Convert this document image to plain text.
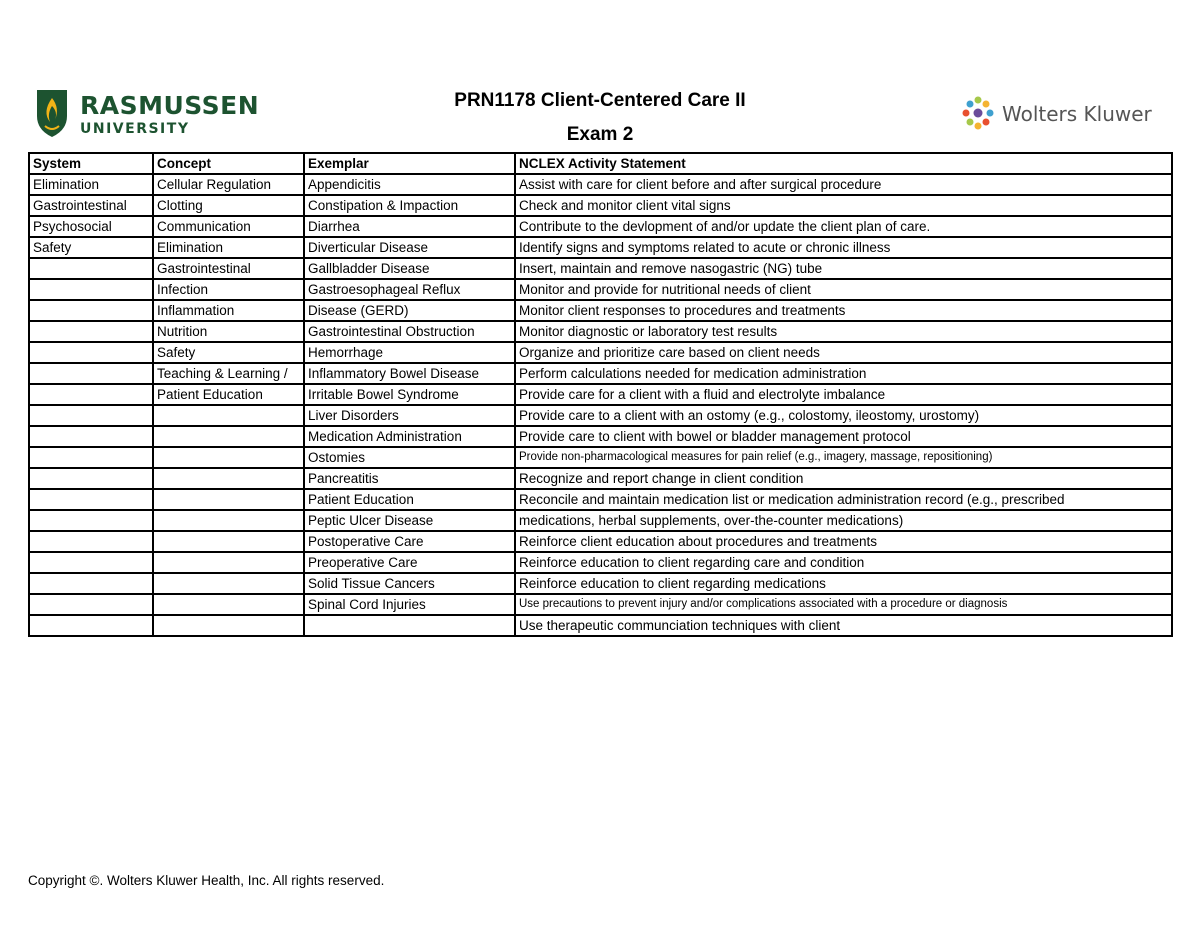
RASMUSSEN
UNIVERSITY
PRN1178 Client-Centered Care II
Exam 2
Wolters Kluwer
System	Concept	Exemplar	NCLEX Activity Statement
Elimination	Cellular Regulation	Appendicitis	Assist with care for client before and after surgical procedure
Gastrointestinal	Clotting	Constipation & Impaction	Check and monitor client vital signs
Psychosocial	Communication	Diarrhea	Contribute to the devlopment of and/or update the client plan of care.
Safety	Elimination	Diverticular Disease	Identify signs and symptoms related to acute or chronic illness
	Gastrointestinal	Gallbladder Disease	Insert, maintain and remove nasogastric (NG) tube
	Infection	Gastroesophageal Reflux	Monitor and provide for nutritional needs of client
	Inflammation	Disease (GERD)	Monitor client responses to procedures and treatments
	Nutrition	Gastrointestinal Obstruction	Monitor diagnostic or laboratory test results
	Safety	Hemorrhage	Organize and prioritize care based on client needs
	Teaching & Learning /	Inflammatory Bowel Disease	Perform calculations needed for medication administration
	Patient Education	Irritable Bowel Syndrome	Provide care for a client with a fluid and electrolyte imbalance
		Liver Disorders	Provide care to a client with an ostomy (e.g., colostomy, ileostomy, urostomy)
		Medication Administration	Provide care to client with bowel or bladder management protocol
		Ostomies	Provide non-pharmacological measures for pain relief (e.g., imagery, massage, repositioning)
		Pancreatitis	Recognize and report change in client condition
		Patient Education	Reconcile and maintain medication list or medication administration record (e.g., prescribed
		Peptic Ulcer Disease	medications, herbal supplements, over-the-counter medications)
		Postoperative Care	Reinforce client education about procedures and treatments
		Preoperative Care	Reinforce education to client regarding care and condition
		Solid Tissue Cancers	Reinforce education to client regarding medications
		Spinal Cord Injuries	Use precautions to prevent injury and/or complications associated with a procedure or diagnosis
			Use therapeutic communciation techniques with client
Copyright ©. Wolters Kluwer Health, Inc. All rights reserved.
